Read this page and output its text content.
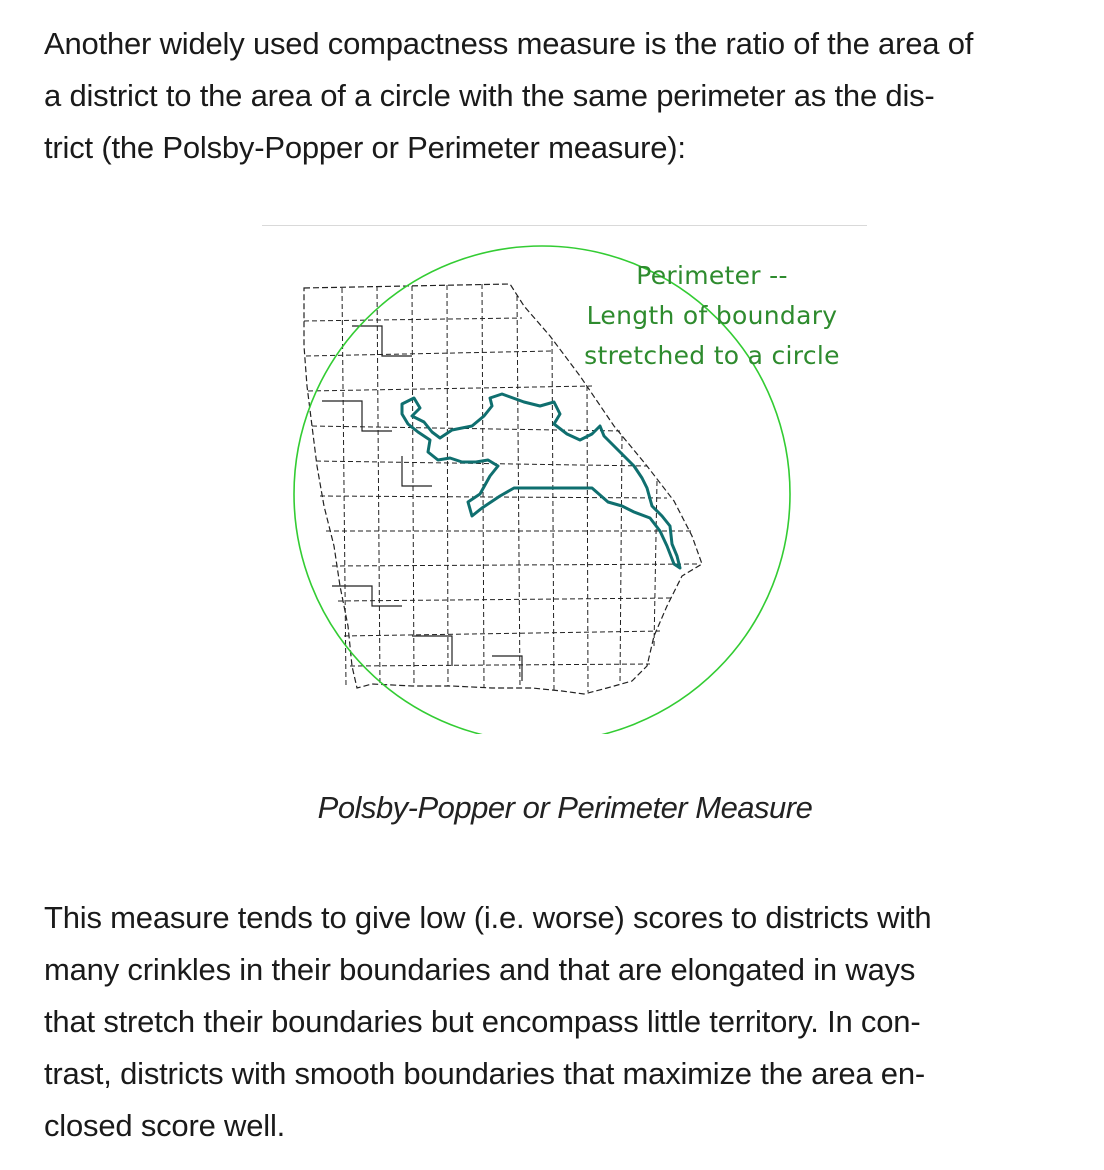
Another widely used compactness measure is the ratio of the area of
a district to the area of a circle with the same perimeter as the dis-
trict (the Polsby-Popper or Perimeter measure):

Perimeter --
Length of boundary
stretched to a circle
Polsby-Popper or Perimeter Measure

This measure tends to give low (i.e. worse) scores to districts with
many crinkles in their boundaries and that are elongated in ways
that stretch their boundaries but encompass little territory. In con-
trast, districts with smooth boundaries that maximize the area en-
closed score well.
